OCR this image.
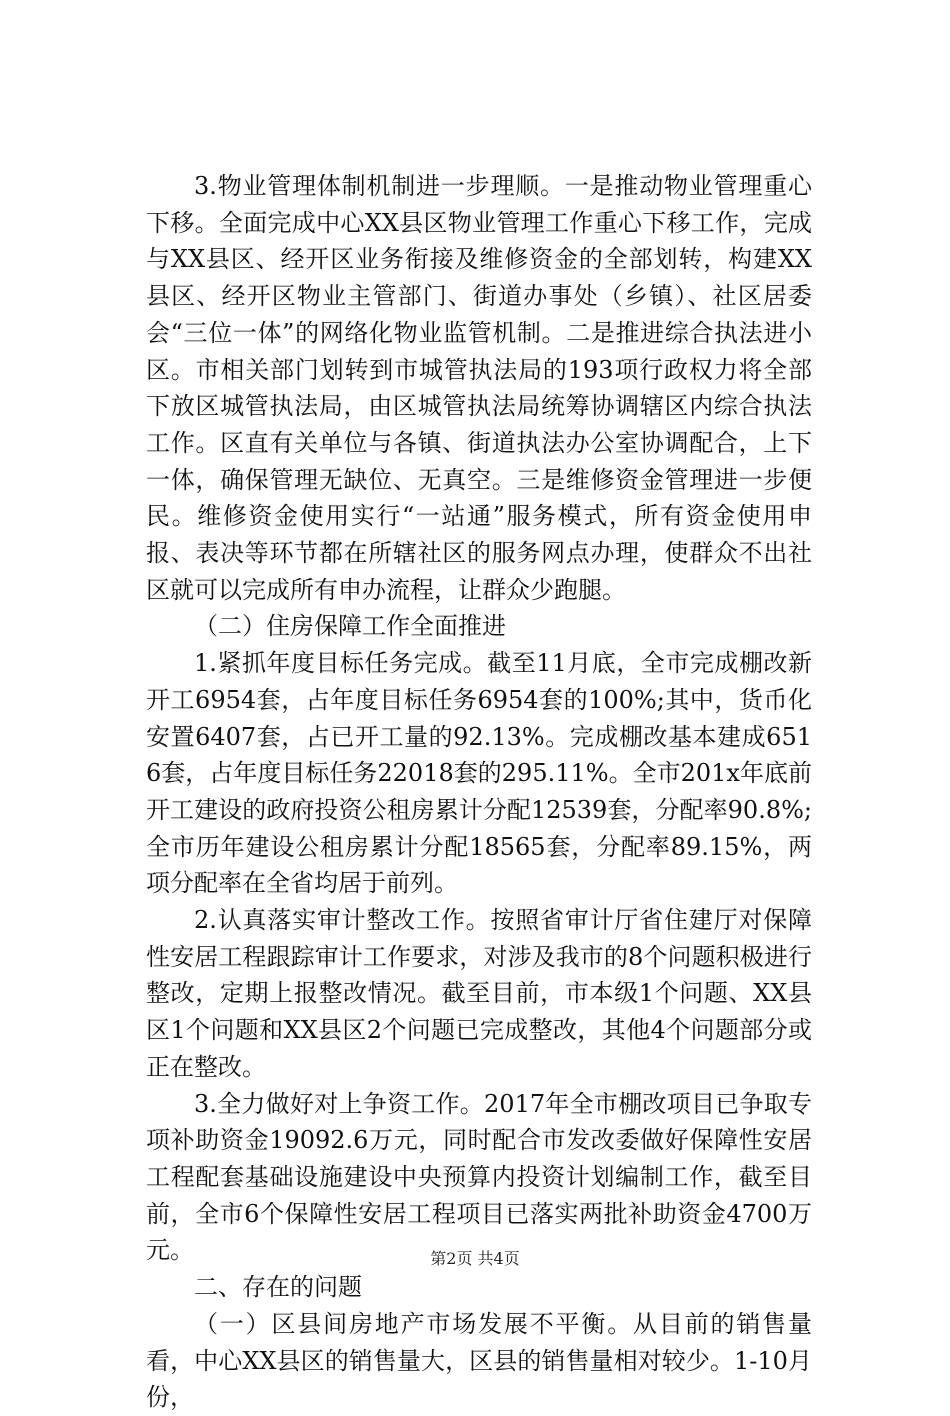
3.物业管理体制机制进一步理顺。一是推动物业管理重心下移。全面完成中心XX县区物业管理工作重心下移工作，完成与XX县区、经开区业务衔接及维修资金的全部划转，构建XX县区、经开区物业主管部门、街道办事处（乡镇）、社区居委会“三位一体”的网络化物业监管机制。二是推进综合执法进小区。市相关部门划转到市城管执法局的193项行政权力将全部下放区城管执法局，由区城管执法局统筹协调辖区内综合执法工作。区直有关单位与各镇、街道执法办公室协调配合，上下一体，确保管理无缺位、无真空。三是维修资金管理进一步便民。维修资金使用实行“一站通”服务模式，所有资金使用申报、表决等环节都在所辖社区的服务网点办理，使群众不出社区就可以完成所有申办流程，让群众少跑腿。

（二）住房保障工作全面推进

1.紧抓年度目标任务完成。截至11月底，全市完成棚改新开工6954套，占年度目标任务6954套的100%;其中，货币化安置6407套，占已开工量的92.13%。完成棚改基本建成6516套，占年度目标任务22018套的295.11%。全市201x年底前开工建设的政府投资公租房累计分配12539套，分配率90.8%;全市历年建设公租房累计分配18565套，分配率89.15%，两项分配率在全省均居于前列。

2.认真落实审计整改工作。按照省审计厅省住建厅对保障性安居工程跟踪审计工作要求，对涉及我市的8个问题积极进行整改，定期上报整改情况。截至目前，市本级1个问题、XX县区1个问题和XX县区2个问题已完成整改，其他4个问题部分或正在整改。

3.全力做好对上争资工作。2017年全市棚改项目已争取专项补助资金19092.6万元，同时配合市发改委做好保障性安居工程配套基础设施建设中央预算内投资计划编制工作，截至目前，全市6个保障性安居工程项目已落实两批补助资金4700万元。

二、存在的问题

（一）区县间房地产市场发展不平衡。从目前的销售量看，中心XX县区的销售量大，区县的销售量相对较少。1-10月份，

第2页 共4页
